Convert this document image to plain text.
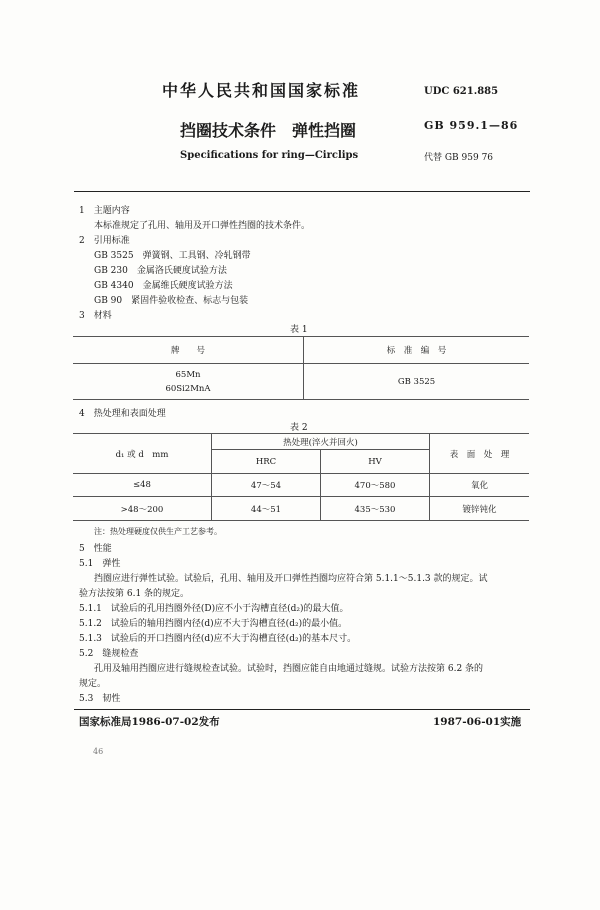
中华人民共和国国家标准	UDC 621.885
挡圈技术条件　弹性挡圈	GB 959.1—86
Specifications for ring—Circlips	代替 GB 959 76
1　主题内容
本标准规定了孔用、轴用及开口弹性挡圈的技术条件。
2　引用标准
GB 3525　弹簧钢、工具钢、冷轧钢带
GB 230　金属洛氏硬度试验方法
GB 4340　金属维氏硬度试验方法
GB 90　紧固件验收检查、标志与包装
3　材料
表 1
牌　　号	标　准　编　号

65Mn
60Si2MnA	GB 3525
4　热处理和表面处理
表 2
d₁ 或 d　mm	热处理(淬火并回火)		表　面　处　理
	HRC	HV	
≤48	47～54	470～580	氧化
>48～200	44～51	435～530	镀锌钝化
注：热处理硬度仅供生产工艺参考。
5　性能
5.1　弹性
挡圈应进行弹性试验。试验后，孔用、轴用及开口弹性挡圈均应符合第 5.1.1～5.1.3 款的规定。试
验方法按第 6.1 条的规定。
5.1.1　试验后的孔用挡圈外径(D)应不小于沟槽直径(d₂)的最大值。
5.1.2　试验后的轴用挡圈内径(d)应不大于沟槽直径(d₂)的最小值。
5.1.3　试验后的开口挡圈内径(d)应不大于沟槽直径(d₂)的基本尺寸。
5.2　缝规检查
孔用及轴用挡圈应进行缝规检查试验。试验时，挡圈应能自由地通过缝规。试验方法按第 6.2 条的
规定。
5.3　韧性
国家标准局1986-07-02发布	1987-06-01实施
46
